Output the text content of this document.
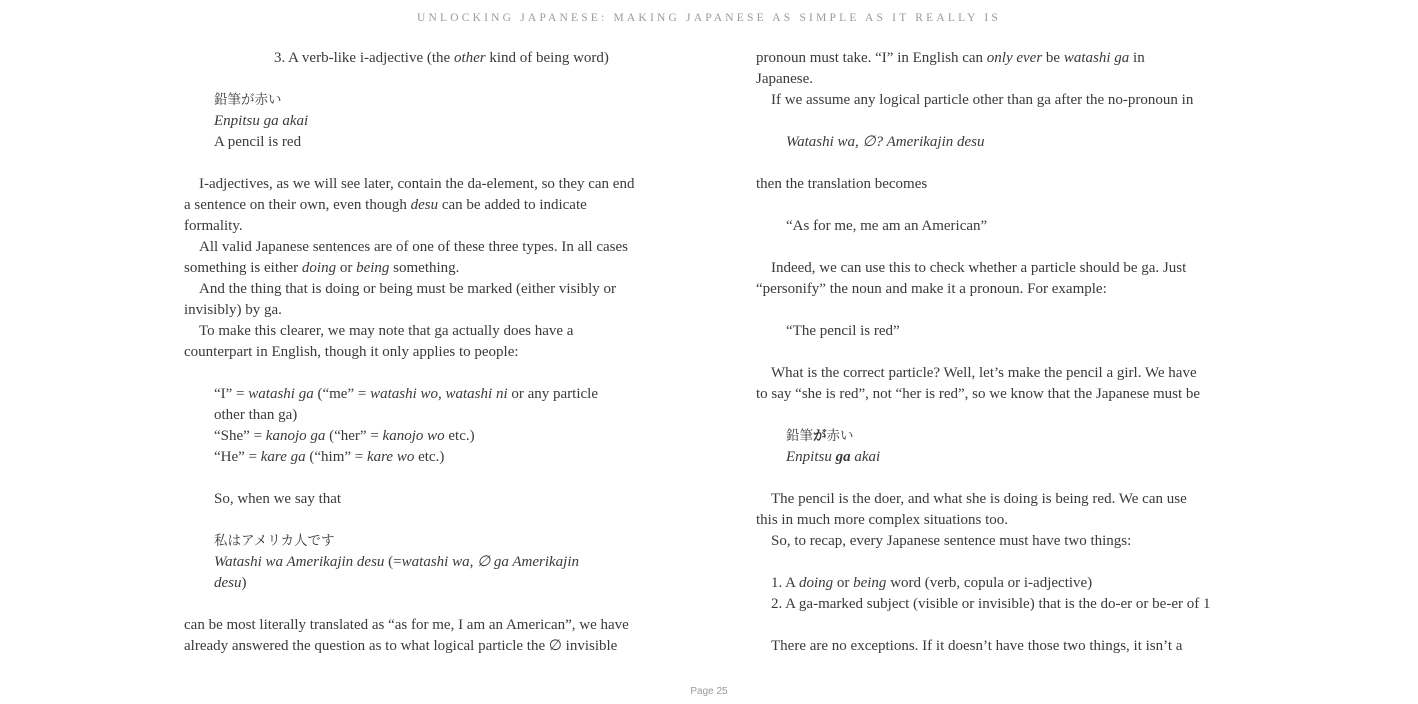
UNLOCKING JAPANESE: MAKING JAPANESE AS SIMPLE AS IT REALLY IS
3. A verb-like i-adjective (the other kind of being word)
鉛筆が赤い
Enpitsu ga akai
A pencil is red
I-adjectives, as we will see later, contain the da-element, so they can end
a sentence on their own, even though desu can be added to indicate
formality.
All valid Japanese sentences are of one of these three types. In all cases
something is either doing or being something.
And the thing that is doing or being must be marked (either visibly or
invisibly) by ga.
To make this clearer, we may note that ga actually does have a
counterpart in English, though it only applies to people:
“I” = watashi ga (“me” = watashi wo, watashi ni or any particle
other than ga)
“She” = kanojo ga (“her” = kanojo wo etc.)
“He” = kare ga (“him” = kare wo etc.)
So, when we say that
私はアメリカ人です
Watashi wa Amerikajin desu (=watashi wa, ∅ ga Amerikajin
desu)
can be most literally translated as “as for me, I am an American”, we have
already answered the question as to what logical particle the ∅ invisible
pronoun must take. “I” in English can only ever be watashi ga in
Japanese.
If we assume any logical particle other than ga after the no-pronoun in
Watashi wa, ∅? Amerikajin desu
then the translation becomes
“As for me, me am an American”
Indeed, we can use this to check whether a particle should be ga. Just
“personify” the noun and make it a pronoun. For example:
“The pencil is red”
What is the correct particle? Well, let’s make the pencil a girl. We have
to say “she is red”, not “her is red”, so we know that the Japanese must be
鉛筆が赤い
Enpitsu ga akai
The pencil is the doer, and what she is doing is being red. We can use
this in much more complex situations too.
So, to recap, every Japanese sentence must have two things:
1. A doing or being word (verb, copula or i-adjective)
2. A ga-marked subject (visible or invisible) that is the do-er or be-er of 1
There are no exceptions. If it doesn’t have those two things, it isn’t a
Page 25
